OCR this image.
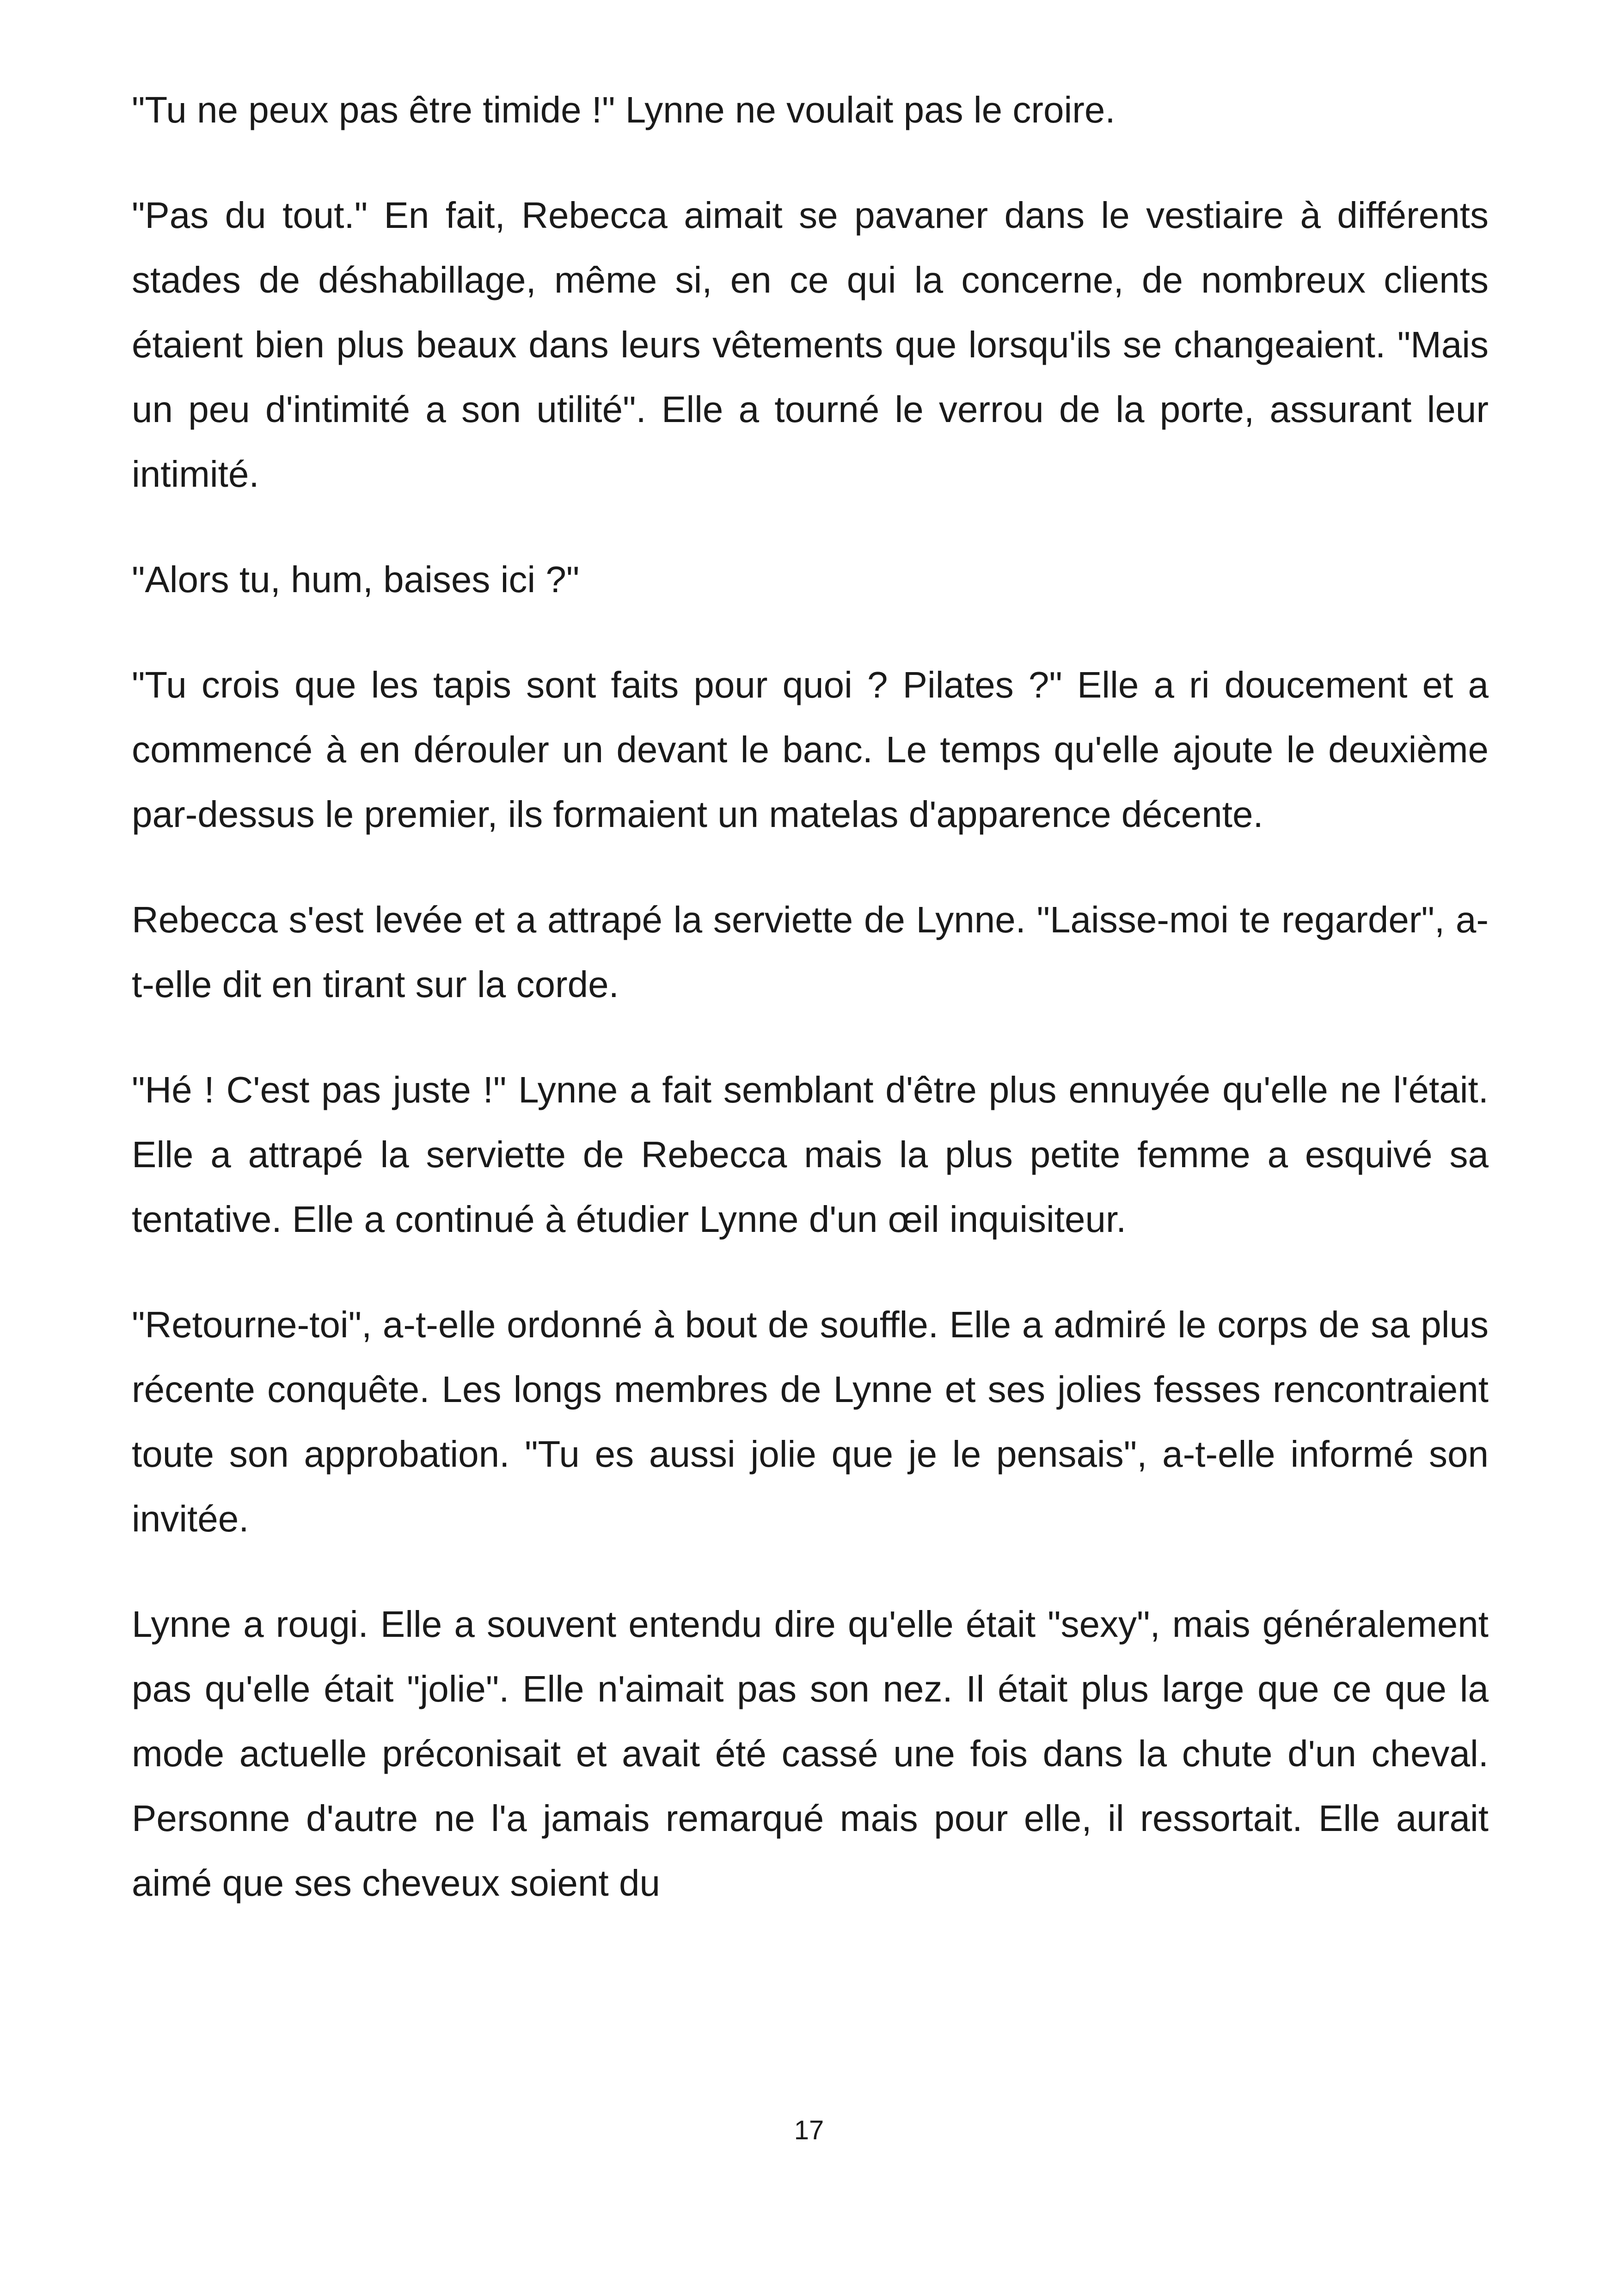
"Tu ne peux pas être timide !" Lynne ne voulait pas le croire.

"Pas du tout." En fait, Rebecca aimait se pavaner dans le vestiaire à différents stades de déshabillage, même si, en ce qui la concerne, de nombreux clients étaient bien plus beaux dans leurs vêtements que lorsqu'ils se changeaient. "Mais un peu d'intimité a son utilité". Elle a tourné le verrou de la porte, assurant leur intimité.

"Alors tu, hum, baises ici ?"

"Tu crois que les tapis sont faits pour quoi ? Pilates ?" Elle a ri doucement et a commencé à en dérouler un devant le banc. Le temps qu'elle ajoute le deuxième par-dessus le premier, ils formaient un matelas d'apparence décente.

Rebecca s'est levée et a attrapé la serviette de Lynne. "Laisse-moi te regarder", a-t-elle dit en tirant sur la corde.

"Hé ! C'est pas juste !" Lynne a fait semblant d'être plus ennuyée qu'elle ne l'était. Elle a attrapé la serviette de Rebecca mais la plus petite femme a esquivé sa tentative. Elle a continué à étudier Lynne d'un œil inquisiteur.

"Retourne-toi", a-t-elle ordonné à bout de souffle. Elle a admiré le corps de sa plus récente conquête. Les longs membres de Lynne et ses jolies fesses rencontraient toute son approbation. "Tu es aussi jolie que je le pensais", a-t-elle informé son invitée.

Lynne a rougi. Elle a souvent entendu dire qu'elle était "sexy", mais généralement pas qu'elle était "jolie". Elle n'aimait pas son nez. Il était plus large que ce que la mode actuelle préconisait et avait été cassé une fois dans la chute d'un cheval. Personne d'autre ne l'a jamais remarqué mais pour elle, il ressortait. Elle aurait aimé que ses cheveux soient du

17
